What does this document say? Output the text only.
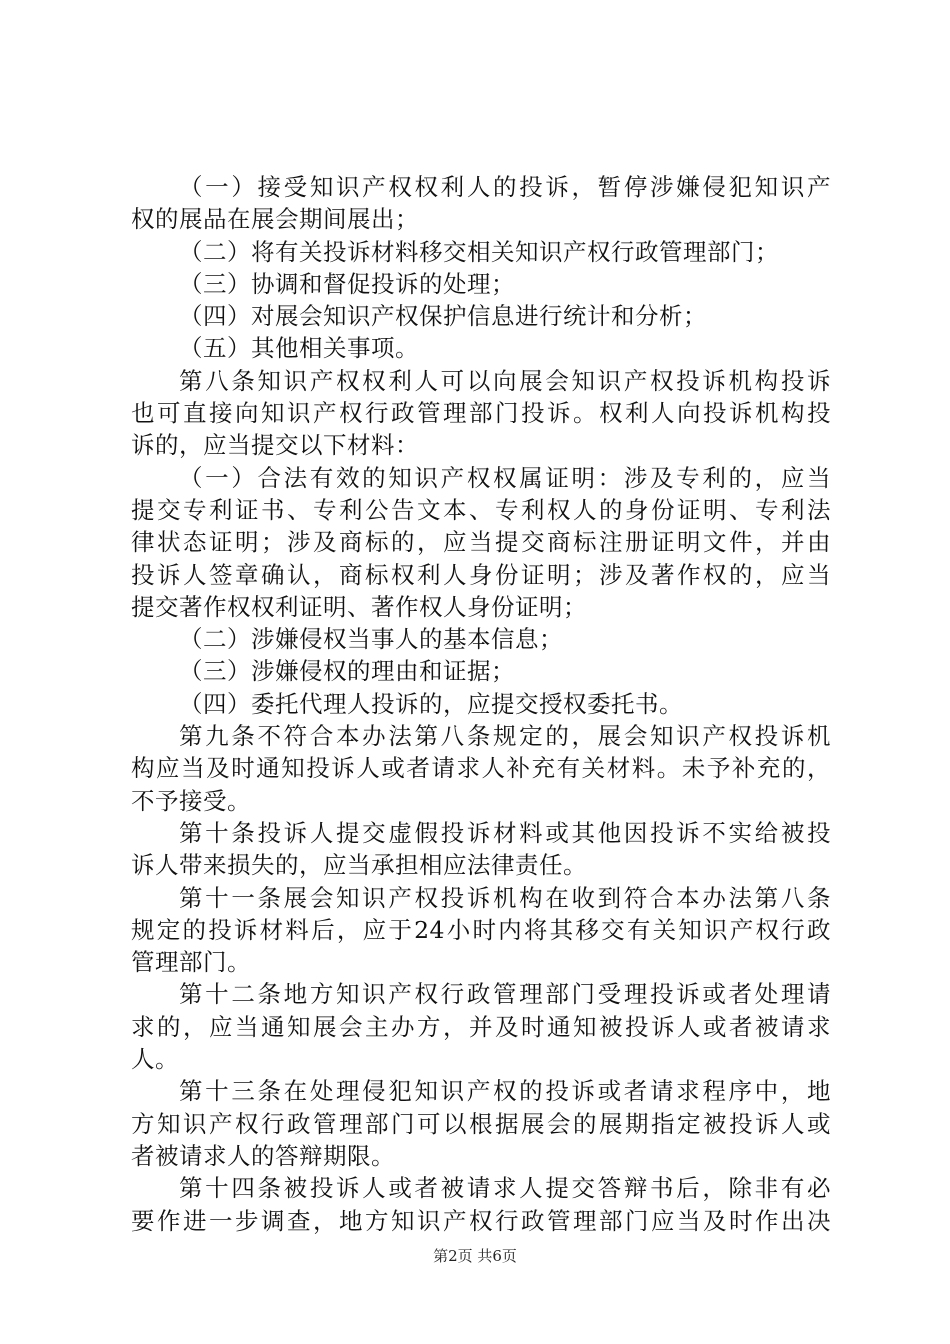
（一）接受知识产权权利人的投诉，暂停涉嫌侵犯知识产
权的展品在展会期间展出；
（二）将有关投诉材料移交相关知识产权行政管理部门；
（三）协调和督促投诉的处理；
（四）对展会知识产权保护信息进行统计和分析；
（五）其他相关事项。
第八条知识产权权利人可以向展会知识产权投诉机构投诉
也可直接向知识产权行政管理部门投诉。权利人向投诉机构投
诉的，应当提交以下材料：
（一）合法有效的知识产权权属证明：涉及专利的，应当
提交专利证书、专利公告文本、专利权人的身份证明、专利法
律状态证明；涉及商标的，应当提交商标注册证明文件，并由
投诉人签章确认，商标权利人身份证明；涉及著作权的，应当
提交著作权权利证明、著作权人身份证明；
（二）涉嫌侵权当事人的基本信息；
（三）涉嫌侵权的理由和证据；
（四）委托代理人投诉的，应提交授权委托书。
第九条不符合本办法第八条规定的，展会知识产权投诉机
构应当及时通知投诉人或者请求人补充有关材料。未予补充的，
不予接受。
第十条投诉人提交虚假投诉材料或其他因投诉不实给被投
诉人带来损失的，应当承担相应法律责任。
第十一条展会知识产权投诉机构在收到符合本办法第八条
规定的投诉材料后，应于24小时内将其移交有关知识产权行政
管理部门。
第十二条地方知识产权行政管理部门受理投诉或者处理请
求的，应当通知展会主办方，并及时通知被投诉人或者被请求
人。
第十三条在处理侵犯知识产权的投诉或者请求程序中，地
方知识产权行政管理部门可以根据展会的展期指定被投诉人或
者被请求人的答辩期限。
第十四条被投诉人或者被请求人提交答辩书后，除非有必
要作进一步调查，地方知识产权行政管理部门应当及时作出决
第2页 共6页
